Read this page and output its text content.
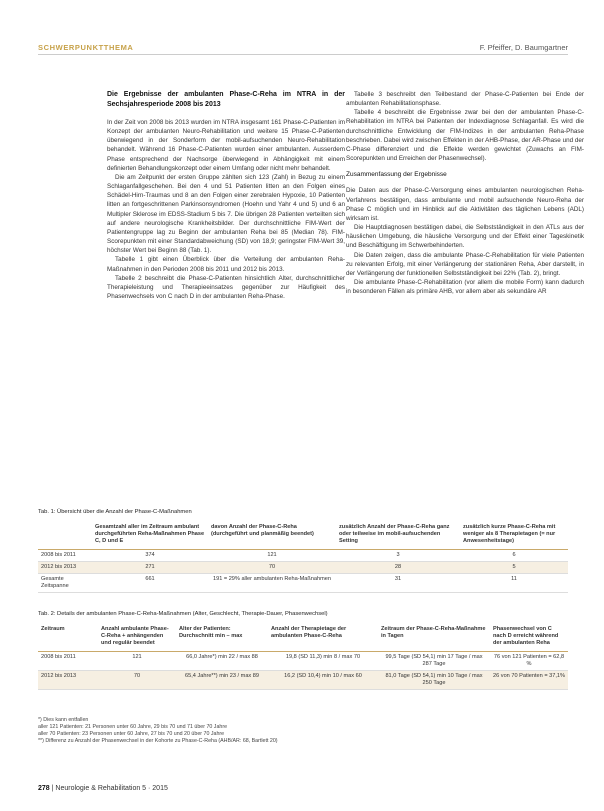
SCHWERPUNKTTHEMA	F. Pfeiffer, D. Baumgartner
Die Ergebnisse der ambulanten Phase-C-Reha im NTRA in der Sechsjahresperiode 2008 bis 2013

In der Zeit von 2008 bis 2013 wurden im NTRA insgesamt 161 Phase-C-Patienten im Konzept der ambulanten Neuro-Rehabilitation und weitere 15 Phase-C-Patienten überwiegend in der Sonderform der mobil-aufsuchenden Neuro-Rehabilitation behandelt. Während 16 Phase-C-Patienten wurden einer ambulanten. Ausserdem Phase entsprechend der Nachsorge überwiegend in Abhängigkeit mit einem definierten Behandlungskonzept oder einem Umfang oder nicht mehr behandelt.

Die am Zeitpunkt der ersten Gruppe zählten sich 123 (Zahl) in Bezug zu einem Schlaganfallgeschehen. Bei den 4 und 51 Patienten litten an den Folgen eines Schädel-Hirn-Traumas und 8 an den Folgen einer zerebralen Hypoxie, 10 Patienten litten an fortgeschrittenen Parkinsonsyndromen (Hoehn und Yahr 4 und 5) und 6 an Multipler Sklerose im EDSS-Stadium 5 bis 7. Die übrigen 28 Patienten verteilten sich auf andere neurologische Krankheitsbilder. Der durchschnittliche FIM-Wert der Patientengruppe lag zu Beginn der ambulanten Reha bei 85 (Median 78). FIM-Scorepunkten mit einer Standardabweichung (SD) von 18,9; geringster FIM-Wert 39, höchster Wert bei Beginn 88 (Tab. 1).

Tabelle 1 gibt einen Überblick über die Verteilung der ambulanten Reha-Maßnahmen in den Perioden 2008 bis 2011 und 2012 bis 2013.

Tabelle 2 beschreibt die Phase-C-Patienten hinsichtlich Alter, durchschnittlicher Therapieleistung und Therapieeinsatzes gegenüber zur Häufigkeit des Phasenwechsels von C nach D in der ambulanten Reha-Phase.

Tabelle 3 beschreibt den Teilbestand der Phase-C-Patienten bei Ende der ambulanten Rehabilitationsphase.

Tabelle 4 beschreibt die Ergebnisse zwar bei den der ambulanten Phase-C-Rehabilitation im NTRA bei Patienten der Indexdiagnose Schlaganfall. Es wird die durchschnittliche Entwicklung der FIM-Indizes in der ambulanten Reha-Phase beschrieben. Dabei wird zwischen Effekten in der AHB-Phase, der AR-Phase und der C-Phase differenziert und die Effekte werden gewichtet (Zuwachs an FIM-Scorepunkten und Erreichen der Phasenwechsel).

Zusammenfassung der Ergebnisse

Die Daten aus der Phase-C-Versorgung eines ambulanten neurologischen Reha-Verfahrens bestätigen, dass ambulante und mobil aufsuchende Neuro-Reha der Phase C möglich und im Hinblick auf die Aktivitäten des täglichen Lebens (ADL) wirksam ist.

Die Hauptdiagnosen bestätigen dabei, die Selbstständigkeit in den ATLs aus der häuslichen Umgebung, die häusliche Versorgung und der Effekt einer Tageskinetik und Beschäftigung im Schwerbehinderten.

Die Daten zeigen, dass die ambulante Phase-C-Rehabilitation für viele Patienten zu relevanten Erfolg, mit einer Verlängerung der stationären Reha, Aber darstellt, in der Verlängerung der funktionellen Selbstständigkeit bei 22% (Tab. 2), bringt.

Die ambulante Phase-C-Rehabilitation (vor allem die mobile Form) kann dadurch in besonderen Fällen als primäre AHB, vor allem aber als sekundäre AR

Tab. 1: Übersicht über die Anzahl der Phase-C-Maßnahmen
	Gesamtzahl aller im Zeitraum ambulant durchgeführten Reha-Maßnahmen Phase C, D und E	davon Anzahl der Phase-C-Reha (durchgeführt und planmäßig beendet)	zusätzlich Anzahl der Phase-C-Reha ganz oder teilweise im mobil-aufsuchenden Setting	zusätzlich kurze Phase-C-Reha mit weniger als 8 Therapietagen (= nur Anwesenheitstage)
2008 bis 2011	374	121	3	6
2012 bis 2013	271	70	28	5
Gesamte Zeitspanne	661	191 = 29% aller ambulanten Reha-Maßnahmen	31	11
Tab. 2: Details der ambulanten Phase-C-Reha-Maßnahmen (Alter, Geschlecht, Therapie-Dauer, Phasenwechsel)
Zeitraum	Anzahl ambulante Phase-C-Reha + anhängenden und regulär beendet	Alter der Patienten: Durchschnitt min – max	Anzahl der Therapietage der ambulanten Phase-C-Reha	Zeitraum der Phase-C-Reha-Maßnahme in Tagen	Phasenwechsel von C nach D erreicht während der ambulanten Reha
2008 bis 2011	121	66,0 Jahre*) min 22 / max 88	19,8 (SD 11,3) min 8 / max 70	99,5 Tage (SD 54,1) min 17 Tage / max 287 Tage	76 von 121 Patienten = 62,8 %
2012 bis 2013	70	65,4 Jahre**) min 23 / max 89	16,2 (SD 10,4) min 10 / max 60	81,0 Tage (SD 54,1) min 10 Tage / max 250 Tage	26 von 70 Patienten = 37,1%
*) Dies kann entfallen
aller 121 Patienten: 21 Personen unter 60 Jahre, 29 bis 70 und 71 über 70 Jahre
aller 70 Patienten: 23 Personen unter 60 Jahre, 27 bis 70 und 20 über 70 Jahre
**) Differenz zu Anzahl der Phasenwechsel in der Kohorte zu Phase-C-Reha (AHB/AR: 68, Bartlett 20)
278 | Neurologie & Rehabilitation 5 · 2015
